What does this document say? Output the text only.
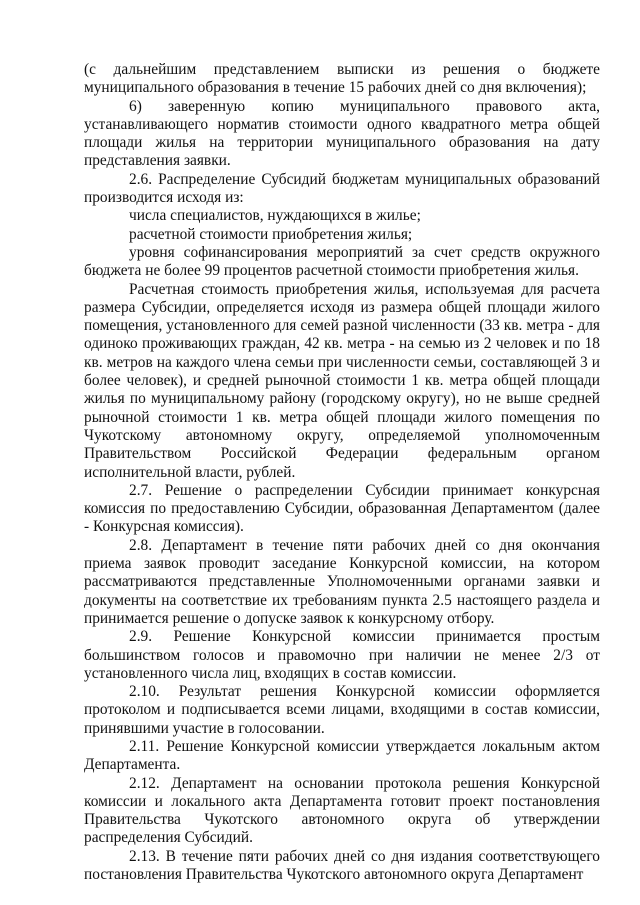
(с дальнейшим представлением выписки из решения о бюджете муниципального образования в течение 15 рабочих дней со дня включения);

6) заверенную копию муниципального правового акта, устанавливающего норматив стоимости одного квадратного метра общей площади жилья на территории муниципального образования на дату представления заявки.

2.6. Распределение Субсидий бюджетам муниципальных образований производится исходя из:

числа специалистов, нуждающихся в жилье;

расчетной стоимости приобретения жилья;

уровня софинансирования мероприятий за счет средств окружного бюджета не более 99 процентов расчетной стоимости приобретения жилья.

Расчетная стоимость приобретения жилья, используемая для расчета размера Субсидии, определяется исходя из размера общей площади жилого помещения, установленного для семей разной численности (33 кв. метра - для одиноко проживающих граждан, 42 кв. метра - на семью из 2 человек и по 18 кв. метров на каждого члена семьи при численности семьи, составляющей 3 и более человек), и средней рыночной стоимости 1 кв. метра общей площади жилья по муниципальному району (городскому округу), но не выше средней рыночной стоимости 1 кв. метра общей площади жилого помещения по Чукотскому автономному округу, определяемой уполномоченным Правительством Российской Федерации федеральным органом исполнительной власти, рублей.

2.7. Решение о распределении Субсидии принимает конкурсная комиссия по предоставлению Субсидии, образованная Департаментом (далее - Конкурсная комиссия).

2.8. Департамент в течение пяти рабочих дней со дня окончания приема заявок проводит заседание Конкурсной комиссии, на котором рассматриваются представленные Уполномоченными органами заявки и документы на соответствие их требованиям пункта 2.5 настоящего раздела и принимается решение о допуске заявок к конкурсному отбору.

2.9. Решение Конкурсной комиссии принимается простым большинством голосов и правомочно при наличии не менее 2/3 от установленного числа лиц, входящих в состав комиссии.

2.10. Результат решения Конкурсной комиссии оформляется протоколом и подписывается всеми лицами, входящими в состав комиссии, принявшими участие в голосовании.

2.11. Решение Конкурсной комиссии утверждается локальным актом Департамента.

2.12. Департамент на основании протокола решения Конкурсной комиссии и локального акта Департамента готовит проект постановления Правительства Чукотского автономного округа об утверждении распределения Субсидий.

2.13. В течение пяти рабочих дней со дня издания соответствующего постановления Правительства Чукотского автономного округа Департамент
